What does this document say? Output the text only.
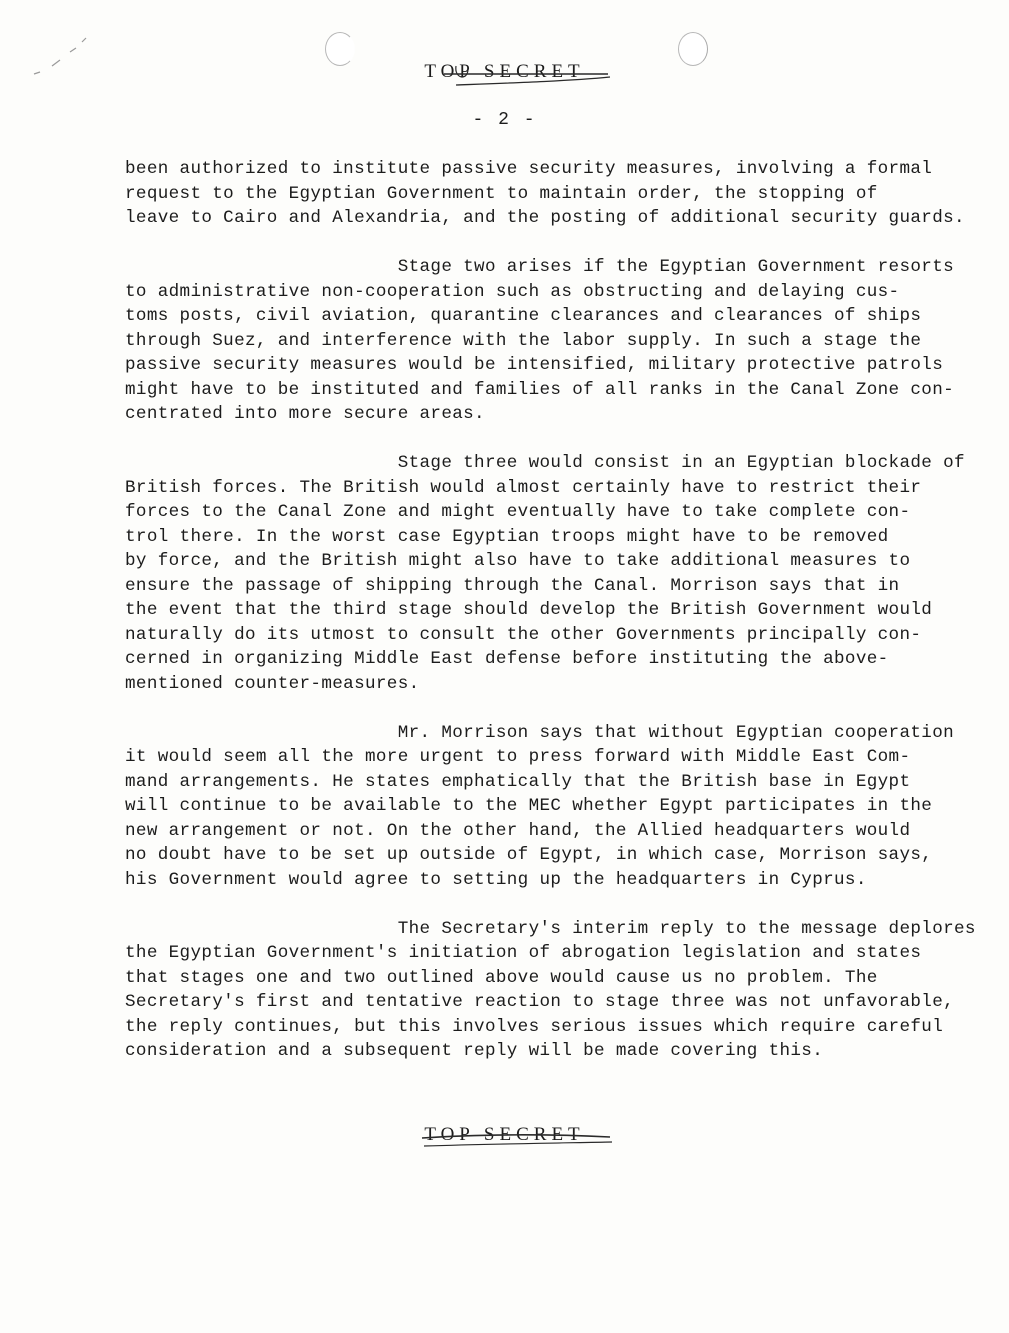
TOP SECRET
- 2 -
been authorized to institute passive security measures, involving a formal
request to the Egyptian Government to maintain order, the stopping of
leave to Cairo and Alexandria, and the posting of additional security guards.
Stage two arises if the Egyptian Government resorts
to administrative non-cooperation such as obstructing and delaying cus-
toms posts, civil aviation, quarantine clearances and clearances of ships
through Suez, and interference with the labor supply. In such a stage the
passive security measures would be intensified, military protective patrols
might have to be instituted and families of all ranks in the Canal Zone con-
centrated into more secure areas.
Stage three would consist in an Egyptian blockade of
British forces. The British would almost certainly have to restrict their
forces to the Canal Zone and might eventually have to take complete con-
trol there. In the worst case Egyptian troops might have to be removed
by force, and the British might also have to take additional measures to
ensure the passage of shipping through the Canal. Morrison says that in
the event that the third stage should develop the British Government would
naturally do its utmost to consult the other Governments principally con-
cerned in organizing Middle East defense before instituting the above-
mentioned counter-measures.
Mr. Morrison says that without Egyptian cooperation
it would seem all the more urgent to press forward with Middle East Com-
mand arrangements. He states emphatically that the British base in Egypt
will continue to be available to the MEC whether Egypt participates in the
new arrangement or not. On the other hand, the Allied headquarters would
no doubt have to be set up outside of Egypt, in which case, Morrison says,
his Government would agree to setting up the headquarters in Cyprus.
The Secretary's interim reply to the message deplores
the Egyptian Government's initiation of abrogation legislation and states
that stages one and two outlined above would cause us no problem. The
Secretary's first and tentative reaction to stage three was not unfavorable,
the reply continues, but this involves serious issues which require careful
consideration and a subsequent reply will be made covering this.
TOP SECRET
